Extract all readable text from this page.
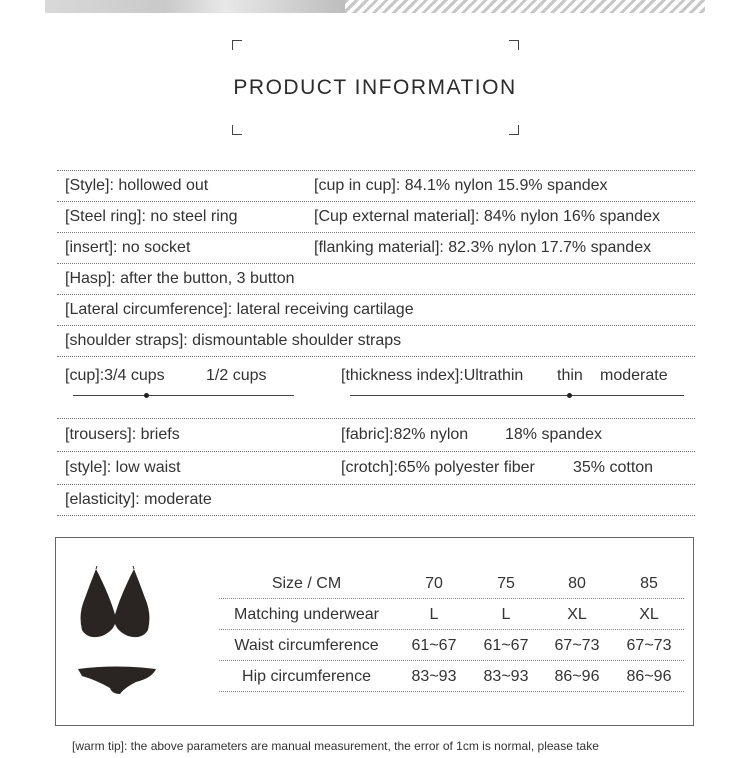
PRODUCT INFORMATION
[Style]: hollowed out	[cup in cup]: 84.1% nylon 15.9% spandex
[Steel ring]: no steel ring	[Cup external material]: 84% nylon 16% spandex
[insert]: no socket	[flanking material]: 82.3% nylon 17.7% spandex
[Hasp]: after the button, 3 button
[Lateral circumference]: lateral receiving cartilage
[shoulder straps]: dismountable shoulder straps
[cup]:3/4 cups	1/2 cups	[thickness index]:Ultrathin thin moderate
[trousers]: briefs	[fabric]:82% nylon 18% spandex
[style]: low waist	[crotch]:65% polyester fiber 35% cotton
[elasticity]: moderate
Size / CM	70	75	80	85
Matching underwear	L	L	XL	XL
Waist circumference	61~67	61~67	67~73	67~73
Hip circumference	83~93	83~93	86~96	86~96
[warm tip]: the above parameters are manual measurement, the error of 1cm is normal, please take
